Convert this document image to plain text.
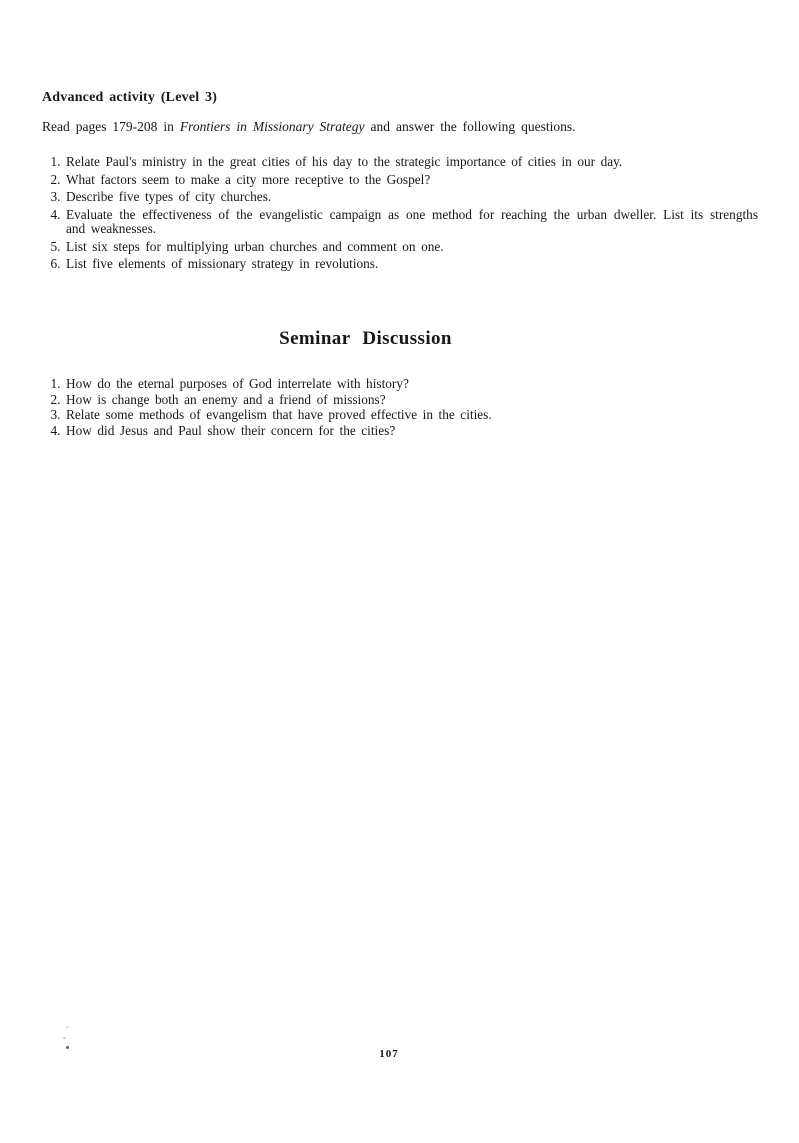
Advanced activity (Level 3)

Read pages 179-208 in Frontiers in Missionary Strategy and answer the following questions.

1. Relate Paul's ministry in the great cities of his day to the strategic importance of cities in our day.
2. What factors seem to make a city more receptive to the Gospel?
3. Describe five types of city churches.
4. Evaluate the effectiveness of the evangelistic campaign as one method for reaching the urban dweller. List its strengths and weaknesses.
5. List six steps for multiplying urban churches and comment on one.
6. List five elements of missionary strategy in revolutions.
Seminar Discussion
1. How do the eternal purposes of God interrelate with history?
2. How is change both an enemy and a friend of missions?
3. Relate some methods of evangelism that have proved effective in the cities.
4. How did Jesus and Paul show their concern for the cities?
107
